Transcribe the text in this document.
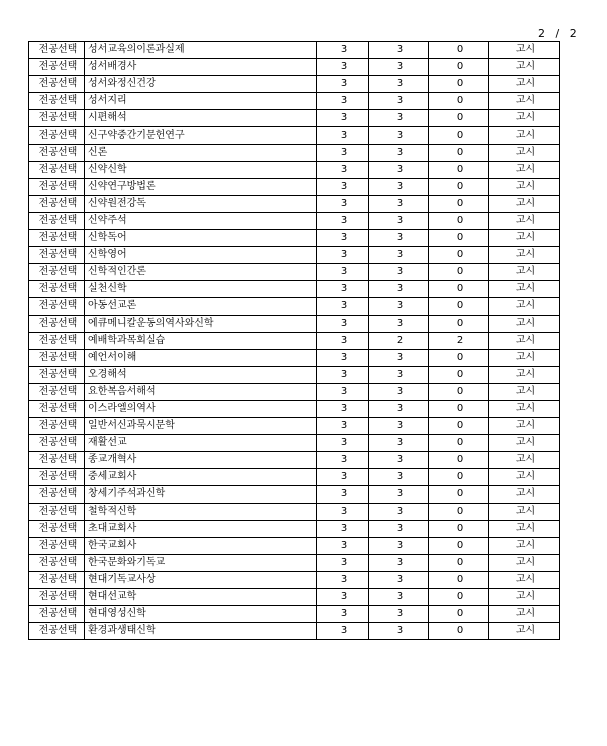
2 / 2
전공선택	성서교육의이론과실제	3	3	0	고시
전공선택	성서배경사	3	3	0	고시
전공선택	성서와정신건강	3	3	0	고시
전공선택	성서지리	3	3	0	고시
전공선택	시편해석	3	3	0	고시
전공선택	신구약중간기문헌연구	3	3	0	고시
전공선택	신론	3	3	0	고시
전공선택	신약신학	3	3	0	고시
전공선택	신약연구방법론	3	3	0	고시
전공선택	신약원전강독	3	3	0	고시
전공선택	신약주석	3	3	0	고시
전공선택	신학독어	3	3	0	고시
전공선택	신학영어	3	3	0	고시
전공선택	신학적인간론	3	3	0	고시
전공선택	실천신학	3	3	0	고시
전공선택	아동선교론	3	3	0	고시
전공선택	에큐메니칼운동의역사와신학	3	3	0	고시
전공선택	예배학과목회실습	3	2	2	고시
전공선택	예언서이해	3	3	0	고시
전공선택	오경해석	3	3	0	고시
전공선택	요한복음서해석	3	3	0	고시
전공선택	이스라엘의역사	3	3	0	고시
전공선택	일반서신과묵시문학	3	3	0	고시
전공선택	재활선교	3	3	0	고시
전공선택	종교개혁사	3	3	0	고시
전공선택	중세교회사	3	3	0	고시
전공선택	창세기주석과신학	3	3	0	고시
전공선택	철학적신학	3	3	0	고시
전공선택	초대교회사	3	3	0	고시
전공선택	한국교회사	3	3	0	고시
전공선택	한국문화와기독교	3	3	0	고시
전공선택	현대기독교사상	3	3	0	고시
전공선택	현대선교학	3	3	0	고시
전공선택	현대영성신학	3	3	0	고시
전공선택	환경과생태신학	3	3	0	고시
